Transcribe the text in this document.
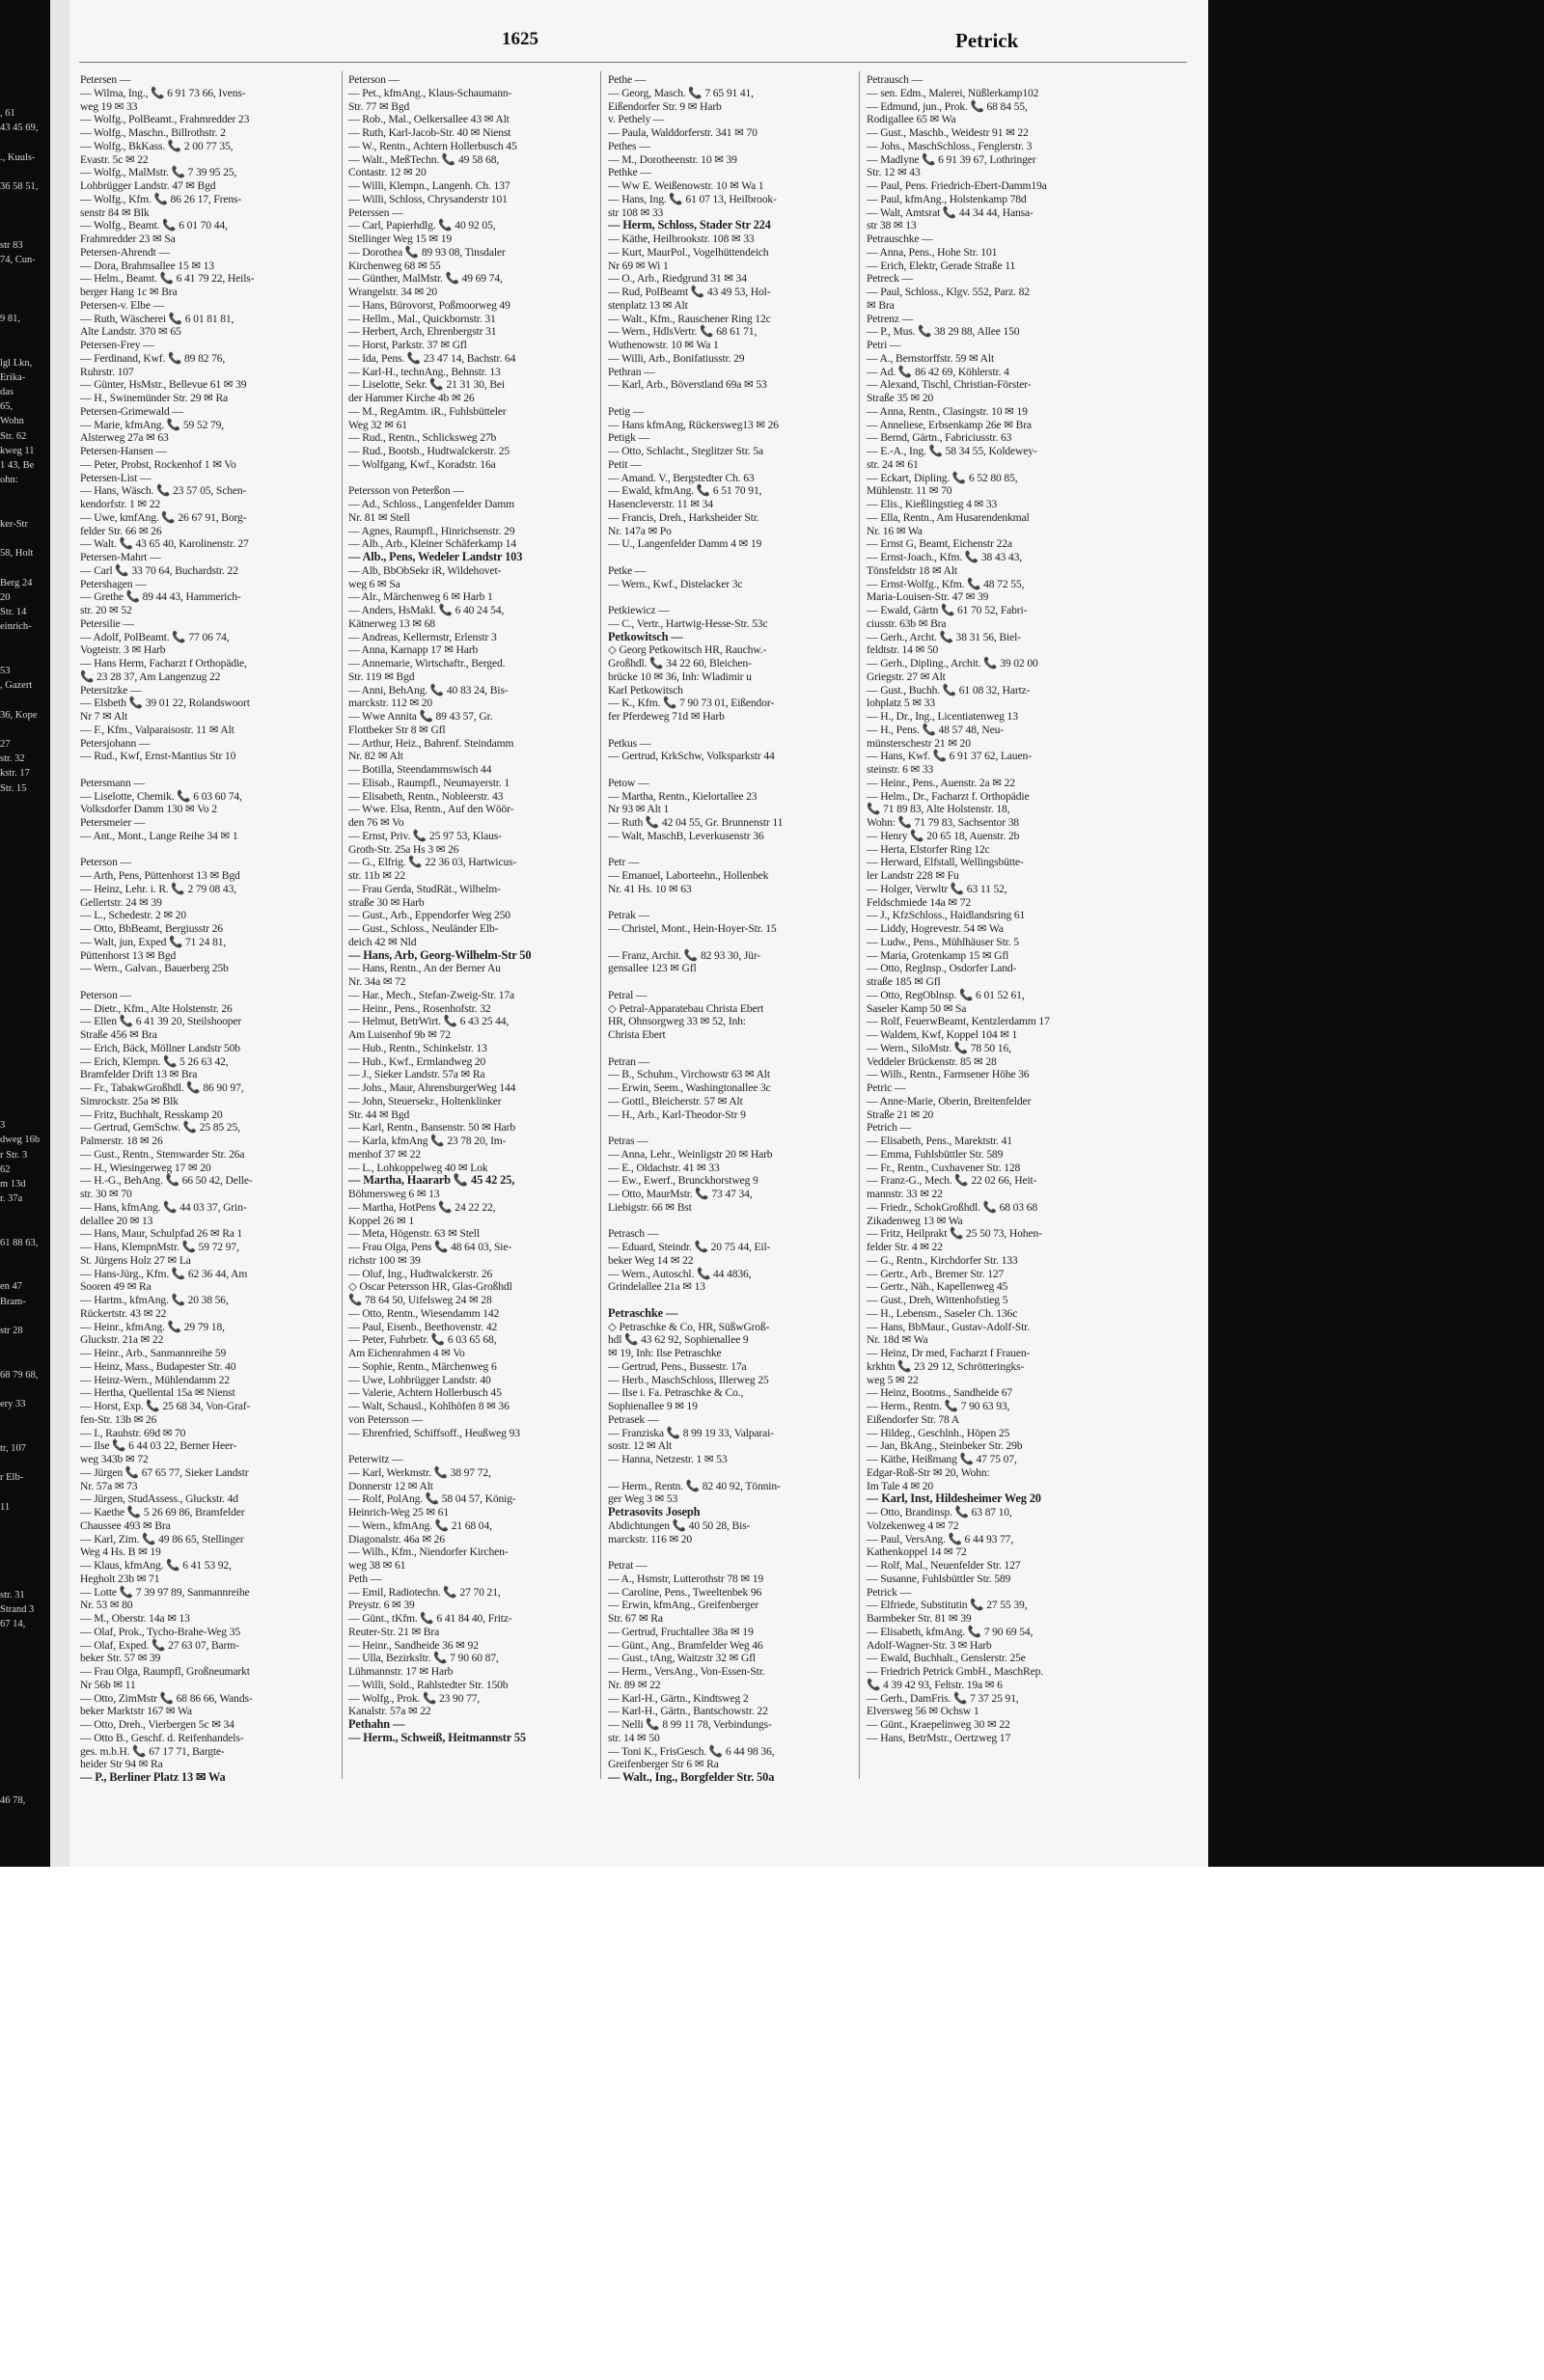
, 61
43 45 69,

., Kuuls-

36 58 51,

str 83
74, Cun-

9 81,

lgl Lkn,
Erika-
das
65,
Wohn
Str. 62
kweg 11
1 43, Be
ohn:

ker-Str

58, Holt

Berg 24
20
Str. 14
einrich-

53
, Gazert

36, Kope

27
str. 32
kstr. 17
Str. 15

3
dweg 16b
r Str. 3
62
m 13d
r. 37a

61 88 63,

en 47
Bram-

str 28

68 79 68,

ery 33

tr, 107

r Elb-

11

str. 31
Strand 3
67 14,

46 78,

1625	Petrick
Petersen —
— Wilma, Ing., 📞 6 91 73 66, Ivens-
weg 19 ✉ 33
— Wolfg., PolBeamt., Frahmredder 23
— Wolfg., Maschn., Billrothstr. 2
— Wolfg., BkKass. 📞 2 00 77 35,
Evastr. 5c ✉ 22
— Wolfg., MalMstr. 📞 7 39 95 25,
Lohbrügger Landstr. 47 ✉ Bgd
— Wolfg., Kfm. 📞 86 26 17, Frens-
senstr 84 ✉ Blk
— Wolfg., Beamt. 📞 6 01 70 44,
Frahmredder 23 ✉ Sa
Petersen-Ahrendt —
— Dora, Brahmsallee 15 ✉ 13
— Helm., Beamt. 📞 6 41 79 22, Heils-
berger Hang 1c ✉ Bra
Petersen-v. Elbe —
— Ruth, Wäscherei 📞 6 01 81 81,
Alte Landstr. 370 ✉ 65
Petersen-Frey —
— Ferdinand, Kwf. 📞 89 82 76,
Ruhrstr. 107
— Günter, HsMstr., Bellevue 61 ✉ 39
— H., Swinemünder Str. 29 ✉ Ra
Petersen-Grimewald —
— Marie, kfmAng. 📞 59 52 79,
Alsterweg 27a ✉ 63
Petersen-Hansen —
— Peter, Probst, Rockenhof 1 ✉ Vo
Petersen-List —
— Hans, Wäsch. 📞 23 57 05, Schen-
kendorfstr. 1 ✉ 22
— Uwe, kmfAng. 📞 26 67 91, Borg-
felder Str. 66 ✉ 26
— Walt. 📞 43 65 40, Karolinenstr. 27
Petersen-Mahrt —
— Carl 📞 33 70 64, Buchardstr. 22
Petershagen —
— Grethe 📞 89 44 43, Hammerich-
str. 20 ✉ 52
Petersilie —
— Adolf, PolBeamt. 📞 77 06 74,
Vogteistr. 3 ✉ Harb
— Hans Herm, Facharzt f Orthopädie,
📞 23 28 37, Am Langenzug 22
Petersitzke —
— Elsbeth 📞 39 01 22, Rolandswoort
Nr 7 ✉ Alt
— F., Kfm., Valparaisostr. 11 ✉ Alt
Petersjohann —
— Rud., Kwf, Ernst-Mantius Str 10

Petersmann —
— Liselotte, Chemik. 📞 6 03 60 74,
Volksdorfer Damm 130 ✉ Vo 2
Petersmeier —
— Ant., Mont., Lange Reihe 34 ✉ 1

Peterson —
— Arth, Pens, Püttenhorst 13 ✉ Bgd
— Heinz, Lehr. i. R. 📞 2 79 08 43,
Gellertstr. 24 ✉ 39
— L., Schedestr. 2 ✉ 20
— Otto, BbBeamt, Bergiusstr 26
— Walt, jun, Exped 📞 71 24 81,
Püttenhorst 13 ✉ Bgd
— Wern., Galvan., Bauerberg 25b

Peterson —
— Dietr., Kfm., Alte Holstenstr. 26
— Ellen 📞 6 41 39 20, Steilshooper
Straße 456 ✉ Bra
— Erich, Bäck, Möllner Landstr 50b
— Erich, Klempn. 📞 5 26 63 42,
Bramfelder Drift 13 ✉ Bra
— Fr., TabakwGroßhdl. 📞 86 90 97,
Simrockstr. 25a ✉ Blk
— Fritz, Buchhalt, Resskamp 20
— Gertrud, GemSchw. 📞 25 85 25,
Palmerstr. 18 ✉ 26
— Gust., Rentn., Stemwarder Str. 26a
— H., Wiesingerweg 17 ✉ 20
— H.-G., BehAng. 📞 66 50 42, Delle-
str. 30 ✉ 70
— Hans, kfmAng. 📞 44 03 37, Grin-
delallee 20 ✉ 13
— Hans, Maur, Schulpfad 26 ✉ Ra 1
— Hans, KlempnMstr. 📞 59 72 97,
St. Jürgens Holz 27 ✉ La
— Hans-Jürg., Kfm. 📞 62 36 44, Am
Sooren 49 ✉ Ra
— Hartm., kfmAng. 📞 20 38 56,
Rückertstr. 43 ✉ 22
— Heinr., kfmAng. 📞 29 79 18,
Gluckstr. 21a ✉ 22
— Heinr., Arb., Sanmannreihe 59
— Heinz, Mass., Budapester Str. 40
— Heinz-Wern., Mühlendamm 22
— Hertha, Quellental 15a ✉ Nienst
— Horst, Exp. 📞 25 68 34, Von-Graf-
fen-Str. 13b ✉ 26
— I., Rauhstr. 69d ✉ 70
— Ilse 📞 6 44 03 22, Berner Heer-
weg 343b ✉ 72
— Jürgen 📞 67 65 77, Sieker Landstr
Nr. 57a ✉ 73
— Jürgen, StudAssess., Gluckstr. 4d
— Kaethe 📞 5 26 69 86, Bramfelder
Chaussee 493 ✉ Bra
— Karl, Zim. 📞 49 86 65, Stellinger
Weg 4 Hs. B ✉ 19
— Klaus, kfmAng. 📞 6 41 53 92,
Hegholt 23b ✉ 71
— Lotte 📞 7 39 97 89, Sanmannreihe
Nr. 53 ✉ 80
— M., Oberstr. 14a ✉ 13
— Olaf, Prok., Tycho-Brahe-Weg 35
— Olaf, Exped. 📞 27 63 07, Barm-
beker Str. 57 ✉ 39
— Frau Olga, Raumpfl, Großneumarkt
Nr 56b ✉ 11
— Otto, ZimMstr 📞 68 86 66, Wands-
beker Marktstr 167 ✉ Wa
— Otto, Dreh., Vierbergen 5c ✉ 34
— Otto B., Geschf. d. Reifenhandels-
ges. m.b.H. 📞 67 17 71, Bargte-
heider Str 94 ✉ Ra
— P., Berliner Platz 13 ✉ Wa
Peterson —
— Pet., kfmAng., Klaus-Schaumann-
Str. 77 ✉ Bgd
— Rob., Mal., Oelkersallee 43 ✉ Alt
— Ruth, Karl-Jacob-Str. 40 ✉ Nienst
— W., Rentn., Achtern Hollerbusch 45
— Walt., MeßTechn. 📞 49 58 68,
Contastr. 12 ✉ 20
— Willi, Klempn., Langenh. Ch. 137
— Willi, Schloss, Chrysanderstr 101
Peterssen —
— Carl, Papierhdlg. 📞 40 92 05,
Stellinger Weg 15 ✉ 19
— Dorothea 📞 89 93 08, Tinsdaler
Kirchenweg 68 ✉ 55
— Günther, MalMstr. 📞 49 69 74,
Wrangelstr. 34 ✉ 20
— Hans, Bürovorst, Poßmoorweg 49
— Hellm., Mal., Quickbornstr. 31
— Herbert, Arch, Ehrenbergstr 31
— Horst, Parkstr. 37 ✉ Gfl
— Ida, Pens. 📞 23 47 14, Bachstr. 64
— Karl-H., technAng., Behnstr. 13
— Liselotte, Sekr. 📞 21 31 30, Bei
der Hammer Kirche 4b ✉ 26
— M., RegAmtm. iR., Fuhlsbütteler
Weg 32 ✉ 61
— Rud., Rentn., Schlicksweg 27b
— Rud., Bootsb., Hudtwalckerstr. 25
— Wolfgang, Kwf., Koradstr. 16a

Petersson von Peterßon —
— Ad., Schloss., Langenfelder Damm
Nr. 81 ✉ Stell
— Agnes, Raumpfl., Hinrichsenstr. 29
— Alb., Arb., Kleiner Schäferkamp 14
— Alb., Pens, Wedeler Landstr 103
— Alb, BbObSekr iR, Wildehovet-
weg 6 ✉ Sa
— Alr., Märchenweg 6 ✉ Harb 1
— Anders, HsMakl. 📞 6 40 24 54,
Kätnerweg 13 ✉ 68
— Andreas, Kellermstr, Erlenstr 3
— Anna, Karnapp 17 ✉ Harb
— Annemarie, Wirtschaftr., Berged.
Str. 119 ✉ Bgd
— Anni, BehAng. 📞 40 83 24, Bis-
marckstr. 112 ✉ 20
— Wwe Annita 📞 89 43 57, Gr.
Flottbeker Str 8 ✉ Gfl
— Arthur, Heiz., Bahrenf. Steindamm
Nr. 82 ✉ Alt
— Botilla, Steendammswisch 44
— Elisab., Raumpfl., Neumayerstr. 1
— Elisabeth, Rentn., Nobleerstr. 43
— Wwe. Elsa, Rentn., Auf den Wöör-
den 76 ✉ Vo
— Ernst, Priv. 📞 25 97 53, Klaus-
Groth-Str. 25a Hs 3 ✉ 26
— G., Elfrig. 📞 22 36 03, Hartwicus-
str. 11b ✉ 22
— Frau Gerda, StudRät., Wilhelm-
straße 30 ✉ Harb
— Gust., Arb., Eppendorfer Weg 250
— Gust., Schloss., Neuländer Elb-
deich 42 ✉ Nld
— Hans, Arb, Georg-Wilhelm-Str 50
— Hans, Rentn., An der Berner Au
Nr. 34a ✉ 72
— Har., Mech., Stefan-Zweig-Str. 17a
— Heinr., Pens., Rosenhofstr. 32
— Helmut, BetrWirt. 📞 6 43 25 44,
Am Luisenhof 9b ✉ 72
— Hub., Rentn., Schinkelstr. 13
— Hub., Kwf., Ermlandweg 20
— J., Sieker Landstr. 57a ✉ Ra
— Johs., Maur, AhrensburgerWeg 144
— John, Steuersekr., Holtenklinker
Str. 44 ✉ Bgd
— Karl, Rentn., Bansenstr. 50 ✉ Harb
— Karla, kfmAng 📞 23 78 20, Im-
menhof 37 ✉ 22
— L., Lohkoppelweg 40 ✉ Lok
— Martha, Haararb 📞 45 42 25,
Böhmersweg 6 ✉ 13
— Martha, HotPens 📞 24 22 22,
Koppel 26 ✉ 1
— Meta, Högenstr. 63 ✉ Stell
— Frau Olga, Pens 📞 48 64 03, Sie-
richstr 100 ✉ 39
— Oluf, Ing., Hudtwalckerstr. 26
◇ Oscar Petersson HR, Glas-Großhdl
📞 78 64 50, Uifelsweg 24 ✉ 28
— Otto, Rentn., Wiesendamm 142
— Paul, Eisenb., Beethovenstr. 42
— Peter, Fuhrbetr. 📞 6 03 65 68,
Am Eichenrahmen 4 ✉ Vo
— Sophie, Rentn., Märchenweg 6
— Uwe, Lohbrügger Landstr. 40
— Valerie, Achtern Hollerbusch 45
— Walt, Schausl., Kohlhöfen 8 ✉ 36
von Petersson —
— Ehrenfried, Schiffsoff., Heußweg 93

Peterwitz —
— Karl, Werkmstr. 📞 38 97 72,
Donnerstr 12 ✉ Alt
— Rolf, PolAng. 📞 58 04 57, König-
Heinrich-Weg 25 ✉ 61
— Wern., kfmAng. 📞 21 68 04,
Diagonalstr. 46a ✉ 26
— Wilh., Kfm., Niendorfer Kirchen-
weg 38 ✉ 61
Peth —
— Emil, Radiotechn. 📞 27 70 21,
Preystr. 6 ✉ 39
— Günt., tKfm. 📞 6 41 84 40, Fritz-
Reuter-Str. 21 ✉ Bra
— Heinr., Sandheide 36 ✉ 92
— Ulla, Bezirksltr. 📞 7 90 60 87,
Lühmannstr. 17 ✉ Harb
— Willi, Sold., Rahlstedter Str. 150b
— Wolfg., Prok. 📞 23 90 77,
Kanalstr. 57a ✉ 22
Pethahn —
— Herm., Schweiß, Heitmannstr 55
Pethe —
— Georg, Masch. 📞 7 65 91 41,
Eißendorfer Str. 9 ✉ Harb
v. Pethely —
— Paula, Walddorferstr. 341 ✉ 70
Pethes —
— M., Dorotheenstr. 10 ✉ 39
Pethke —
— Ww E. Weißenowstr. 10 ✉ Wa 1
— Hans, Ing. 📞 61 07 13, Heilbrook-
str 108 ✉ 33
— Herm, Schloss, Stader Str 224
— Käthe, Heilbrookstr. 108 ✉ 33
— Kurt, MaurPol., Vogelhüttendeich
Nr 69 ✉ Wi 1
— O., Arb., Riedgrund 31 ✉ 34
— Rud, PolBeamt 📞 43 49 53, Hol-
stenplatz 13 ✉ Alt
— Walt., Kfm., Rauschener Ring 12c
— Wern., HdlsVertr. 📞 68 61 71,
Wuthenowstr. 10 ✉ Wa 1
— Willi, Arb., Bonifatiusstr. 29
Pethran —
— Karl, Arb., Böverstland 69a ✉ 53

Petig —
— Hans kfmAng, Rückersweg13 ✉ 26
Petigk —
— Otto, Schlacht., Steglitzer Str. 5a
Petit —
— Amand. V., Bergstedter Ch. 63
— Ewald, kfmAng. 📞 6 51 70 91,
Hasencleverstr. 11 ✉ 34
— Francis, Dreh., Harksheider Str.
Nr. 147a ✉ Po
— U., Langenfelder Damm 4 ✉ 19

Petke —
— Wern., Kwf., Distelacker 3c

Petkiewicz —
— C., Vertr., Hartwig-Hesse-Str. 53c
Petkowitsch —
◇ Georg Petkowitsch HR, Rauchw.-
Großhdl. 📞 34 22 60, Bleichen-
brücke 10 ✉ 36, Inh: Wladimir u
Karl Petkowitsch
— K., Kfm. 📞 7 90 73 01, Eißendor-
fer Pferdeweg 71d ✉ Harb

Petkus —
— Gertrud, KrkSchw, Volksparkstr 44

Petow —
— Martha, Rentn., Kielortallee 23
Nr 93 ✉ Alt 1
— Ruth 📞 42 04 55, Gr. Brunnenstr 11
— Walt, MaschB, Leverkusenstr 36

Petr —
— Emanuel, Laborteehn., Hollenbek
Nr. 41 Hs. 10 ✉ 63

Petrak —
— Christel, Mont., Hein-Hoyer-Str. 15

— Franz, Archit. 📞 82 93 30, Jür-
gensallee 123 ✉ Gfl

Petral —
◇ Petral-Apparatebau Christa Ebert
HR, Ohnsorgweg 33 ✉ 52, Inh:
Christa Ebert

Petran —
— B., Schuhm., Virchowstr 63 ✉ Alt
— Erwin, Seem., Washingtonallee 3c
— Gottl., Bleicherstr. 57 ✉ Alt
— H., Arb., Karl-Theodor-Str 9

Petras —
— Anna, Lehr., Weinligstr 20 ✉ Harb
— E., Oldachstr. 41 ✉ 33
— Ew., Ewerf., Brunckhorstweg 9
— Otto, MaurMstr. 📞 73 47 34,
Liebigstr. 66 ✉ Bst

Petrasch —
— Eduard, Steindr. 📞 20 75 44, Eil-
beker Weg 14 ✉ 22
— Wern., Autoschl. 📞 44 4836,
Grindelallee 21a ✉ 13

Petraschke —
◇ Petraschke & Co, HR, SüßwGroß-
hdl 📞 43 62 92, Sophienallee 9
✉ 19, Inh: Ilse Petraschke
— Gertrud, Pens., Bussestr. 17a
— Herb., MaschSchloss, Illerweg 25
— Ilse i. Fa. Petraschke & Co.,
Sophienallee 9 ✉ 19
Petrasek —
— Franziska 📞 8 99 19 33, Valparai-
sostr. 12 ✉ Alt
— Hanna, Netzestr. 1 ✉ 53

— Herm., Rentn. 📞 82 40 92, Tönnin-
ger Weg 3 ✉ 53
Petrasovits Joseph
Abdichtungen 📞 40 50 28, Bis-
marckstr. 116 ✉ 20

Petrat —
— A., Hsmstr, Lutterothstr 78 ✉ 19
— Caroline, Pens., Tweeltenbek 96
— Erwin, kfmAng., Greifenberger
Str. 67 ✉ Ra
— Gertrud, Fruchtallee 38a ✉ 19
— Günt., Ang., Bramfelder Weg 46
— Gust., tAng, Waitzstr 32 ✉ Gfl
— Herm., VersAng., Von-Essen-Str.
Nr. 89 ✉ 22
— Karl-H., Gärtn., Kindtsweg 2
— Karl-H., Gärtn., Bantschowstr. 22
— Nelli 📞 8 99 11 78, Verbindungs-
str. 14 ✉ 50
— Toni K., FrisGesch. 📞 6 44 98 36,
Greifenberger Str 6 ✉ Ra
— Walt., Ing., Borgfelder Str. 50a
Petrausch —
— sen. Edm., Malerei, Nüßlerkamp102
— Edmund, jun., Prok. 📞 68 84 55,
Rodigallee 65 ✉ Wa
— Gust., Maschb., Weidestr 91 ✉ 22
— Johs., MaschSchloss., Fenglerstr. 3
— Madlyne 📞 6 91 39 67, Lothringer
Str. 12 ✉ 43
— Paul, Pens. Friedrich-Ebert-Damm19a
— Paul, kfmAng., Holstenkamp 78d
— Walt, Amtsrat 📞 44 34 44, Hansa-
str 38 ✉ 13
Petrauschke —
— Anna, Pens., Hohe Str. 101
— Erich, Elektr, Gerade Straße 11
Petreck —
— Paul, Schloss., Klgv. 552, Parz. 82
✉ Bra
Petrenz —
— P., Mus. 📞 38 29 88, Allee 150
Petri —
— A., Bernstorffstr. 59 ✉ Alt
— Ad. 📞 86 42 69, Köhlerstr. 4
— Alexand, Tischl, Christian-Förster-
Straße 35 ✉ 20
— Anna, Rentn., Clasingstr. 10 ✉ 19
— Anneliese, Erbsenkamp 26e ✉ Bra
— Bernd, Gärtn., Fabriciusstr. 63
— E.-A., Ing. 📞 58 34 55, Koldewey-
str. 24 ✉ 61
— Eckart, Dipling. 📞 6 52 80 85,
Mühlenstr. 11 ✉ 70
— Elis., Kießlingstieg 4 ✉ 33
— Ella, Rentn., Am Husarendenkmal
Nr. 16 ✉ Wa
— Ernst G, Beamt, Eichenstr 22a
— Ernst-Joach., Kfm. 📞 38 43 43,
Tönsfeldstr 18 ✉ Alt
— Ernst-Wolfg., Kfm. 📞 48 72 55,
Maria-Louisen-Str. 47 ✉ 39
— Ewald, Gärtn 📞 61 70 52, Fabri-
ciusstr. 63b ✉ Bra
— Gerh., Archt. 📞 38 31 56, Biel-
feldtstr. 14 ✉ 50
— Gerh., Dipling., Archit. 📞 39 02 00
Griegstr. 27 ✉ Alt
— Gust., Buchh. 📞 61 08 32, Hartz-
lohplatz 5 ✉ 33
— H., Dr., Ing., Licentiatenweg 13
— H., Pens. 📞 48 57 48, Neu-
münsterschestr 21 ✉ 20
— Hans, Kwf. 📞 6 91 37 62, Lauen-
steinstr. 6 ✉ 33
— Heinr., Pens., Auenstr. 2a ✉ 22
— Helm., Dr., Facharzt f. Orthopädie
📞 71 89 83, Alte Holstenstr. 18,
Wohn: 📞 71 79 83, Sachsentor 38
— Henry 📞 20 65 18, Auenstr. 2b
— Herta, Elstorfer Ring 12c
— Herward, Elfstall, Wellingsbütte-
ler Landstr 228 ✉ Fu
— Holger, Verwltr 📞 63 11 52,
Feldschmiede 14a ✉ 72
— J., KfzSchloss., Haidlandsring 61
— Liddy, Hogrevestr. 54 ✉ Wa
— Ludw., Pens., Mühlhäuser Str. 5
— Maria, Grotenkamp 15 ✉ Gfl
— Otto, RegInsp., Osdorfer Land-
straße 185 ✉ Gfl
— Otto, RegOblnsp. 📞 6 01 52 61,
Saseler Kamp 50 ✉ Sa
— Rolf, FeuerwBeamt, Kentzlerdamm 17
— Waldem, Kwf, Koppel 104 ✉ 1
— Wern., SiloMstr. 📞 78 50 16,
Veddeler Brückenstr. 85 ✉ 28
— Wilh., Rentn., Farmsener Höhe 36
Petric —
— Anne-Marie, Oberin, Breitenfelder
Straße 21 ✉ 20
Petrich —
— Elisabeth, Pens., Marektstr. 41
— Emma, Fuhlsbüttler Str. 589
— Fr., Rentn., Cuxhavener Str. 128
— Franz-G., Mech. 📞 22 02 66, Heit-
mannstr. 33 ✉ 22
— Friedr., SchokGroßhdl. 📞 68 03 68
Zikadenweg 13 ✉ Wa
— Fritz, Heilprakt 📞 25 50 73, Hohen-
felder Str. 4 ✉ 22
— G., Rentn., Kirchdorfer Str. 133
— Gertr., Arb., Bremer Str. 127
— Gertr., Näh., Kapellenweg 45
— Gust., Dreh, Wittenhofstieg 5
— H., Lebensm., Saseler Ch. 136c
— Hans, BbMaur., Gustav-Adolf-Str.
Nr. 18d ✉ Wa
— Heinz, Dr med, Facharzt f Frauen-
krkhtn 📞 23 29 12, Schrötteringks-
weg 5 ✉ 22
— Heinz, Bootms., Sandheide 67
— Herm., Rentn. 📞 7 90 63 93,
Eißendorfer Str. 78 A
— Hildeg., Geschlnh., Höpen 25
— Jan, BkAng., Steinbeker Str. 29b
— Käthe, Heißmang 📞 47 75 07,
Edgar-Roß-Str ✉ 20, Wohn:
Im Tale 4 ✉ 20
— Karl, Inst, Hildesheimer Weg 20
— Otto, Brandinsp. 📞 63 87 10,
Volzekenweg 4 ✉ 72
— Paul, VersAng. 📞 6 44 93 77,
Kathenkoppel 14 ✉ 72
— Rolf, Mal., Neuenfelder Str. 127
— Susanne, Fuhlsbüttler Str. 589
Petrick —
— Elfriede, Substitutin 📞 27 55 39,
Barmbeker Str. 81 ✉ 39
— Elisabeth, kfmAng. 📞 7 90 69 54,
Adolf-Wagner-Str. 3 ✉ Harb
— Ewald, Buchhalt., Genslerstr. 25e
— Friedrich Petrick GmbH., MaschRep.
📞 4 39 42 93, Feltstr. 19a ✉ 6
— Gerh., DamFris. 📞 7 37 25 91,
Elversweg 56 ✉ Ochsw 1
— Günt., Kraepelinweg 30 ✉ 22
— Hans, BetrMstr., Oertzweg 17
